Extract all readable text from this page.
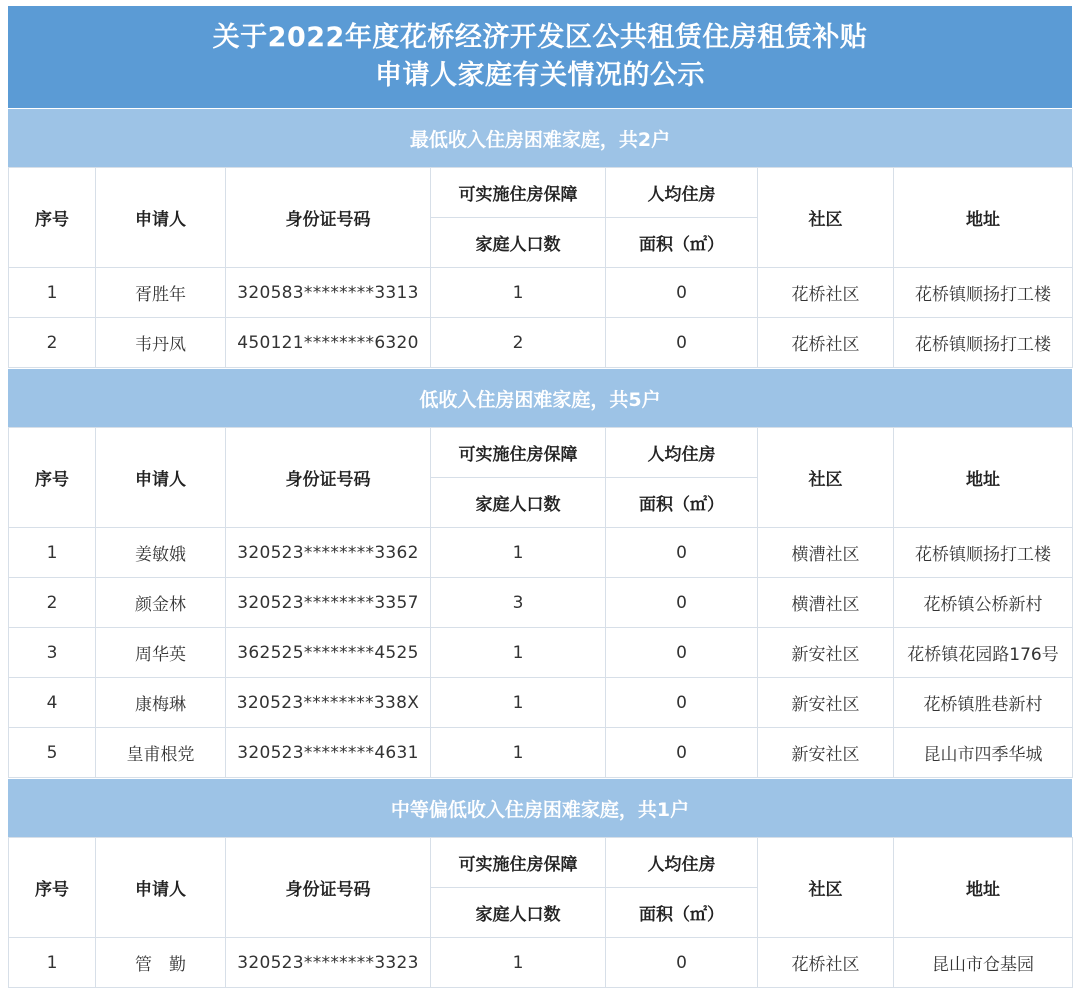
关于2022年度花桥经济开发区公共租赁住房租赁补贴
申请人家庭有关情况的公示
最低收入住房困难家庭，共2户
序号	申请人	身份证号码	可实施住房保障	人均住房	社区	地址
			家庭人口数	面积（㎡）		
1	胥胜年	320583********3313	1	0	花桥社区	花桥镇顺扬打工楼
2	韦丹凤	450121********6320	2	0	花桥社区	花桥镇顺扬打工楼
低收入住房困难家庭，共5户
序号	申请人	身份证号码	可实施住房保障	人均住房	社区	地址
			家庭人口数	面积（㎡）		
1	姜敏娥	320523********3362	1	0	横漕社区	花桥镇顺扬打工楼
2	颜金林	320523********3357	3	0	横漕社区	花桥镇公桥新村
3	周华英	362525********4525	1	0	新安社区	花桥镇花园路176号
4	康梅琳	320523********338X	1	0	新安社区	花桥镇胜巷新村
5	皇甫根党	320523********4631	1	0	新安社区	昆山市四季华城
中等偏低收入住房困难家庭，共1户
序号	申请人	身份证号码	可实施住房保障	人均住房	社区	地址
			家庭人口数	面积（㎡）		
1	管　勤	320523********3323	1	0	花桥社区	昆山市仓基园
